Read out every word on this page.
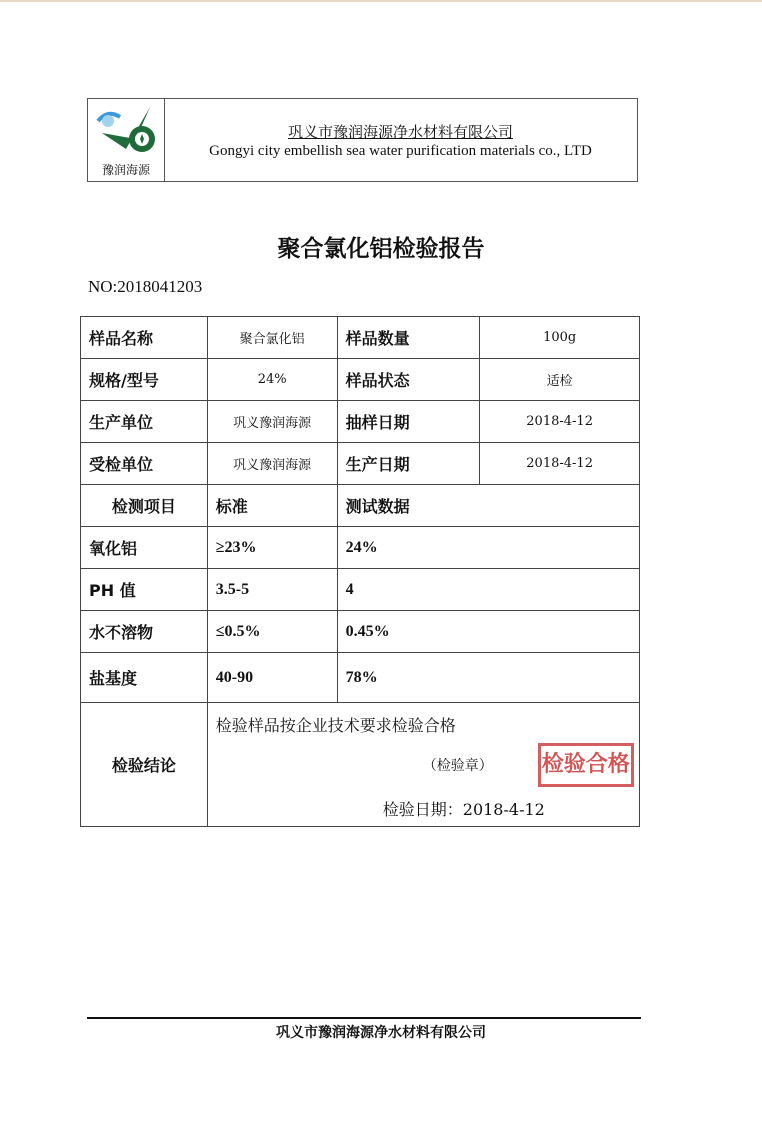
豫润海源
巩义市豫润海源净水材料有限公司
Gongyi city embellish sea water purification materials co., LTD
聚合氯化铝检验报告
NO:2018041203
样品名称	聚合氯化铝	样品数量	100g
规格/型号	24%	样品状态	适检
生产单位	巩义豫润海源	抽样日期	2018-4-12
受检单位	巩义豫润海源	生产日期	2018-4-12
检测项目	标准	测试数据	
氧化铝	≥23%	24%	
PH 值	3.5-5	4	
水不溶物	≤0.5%	0.45%	
盐基度	40-90	78%	
检验结论	检验样品按企业技术要求检验合格
（检验章）
检验日期：2018-4-12
检验合格		
巩义市豫润海源净水材料有限公司
